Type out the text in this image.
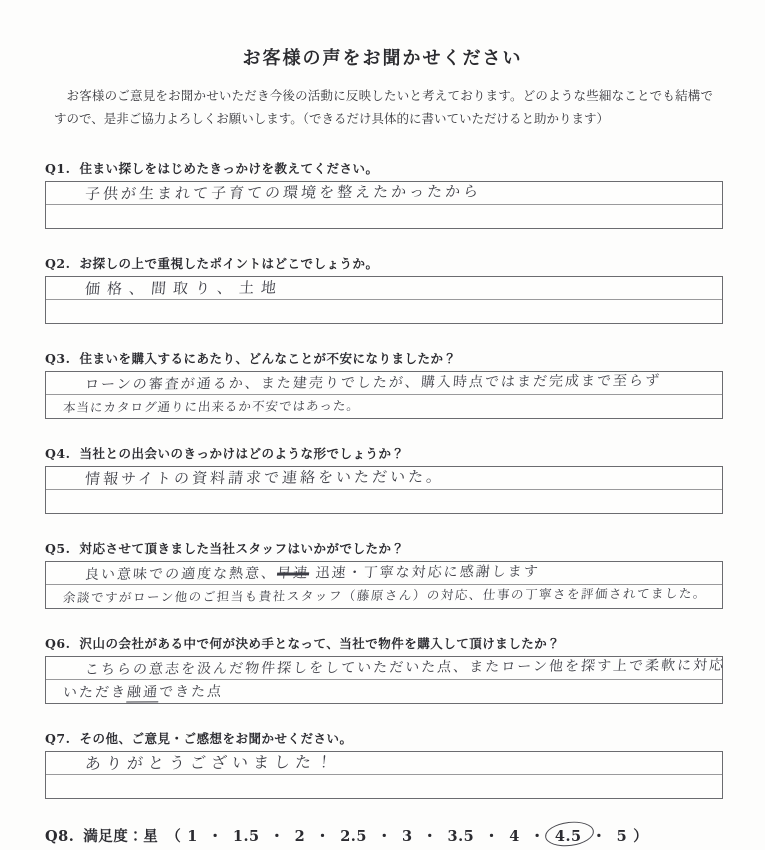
お客様の声をお聞かせください
お客様のご意見をお聞かせいただき今後の活動に反映したいと考えております。どのような些細なことでも結構ですので、是非ご協力よろしくお願いします。（できるだけ具体的に書いていただけると助かります）
Q1. 住まい探しをはじめたきっかけを教えてください。
子供が生まれて子育ての環境を整えたかったから
Q2. お探しの上で重視したポイントはどこでしょうか。
価格、間取り、土地
Q3. 住まいを購入するにあたり、どんなことが不安になりましたか？
ローンの審査が通るか、また建売りでしたが、購入時点ではまだ完成まで至らず
本当にカタログ通りに出来るか不安ではあった。
Q4. 当社との出会いのきっかけはどのような形でしょうか？
情報サイトの資料請求で連絡をいただいた。
Q5. 対応させて頂きました当社スタッフはいかがでしたか？
良い意味での適度な熱意、早速 迅速・丁寧な対応に感謝します
余談ですがローン他のご担当も貴社スタッフ（藤原さん）の対応、仕事の丁寧さを評価されてました。
Q6. 沢山の会社がある中で何が決め手となって、当社で物件を購入して頂けましたか？
こちらの意志を汲んだ物件探しをしていただいた点、またローン他を探す上で柔軟に対応
いただき融通できた点
Q7. その他、ご意見・ご感想をお聞かせください。
ありがとうございました！
Q8. 満足度：星 （ 1 ・ 1.5 ・ 2 ・ 2.5 ・ 3 ・ 3.5 ・ 4 ・ 4.5 ・ 5 ）
